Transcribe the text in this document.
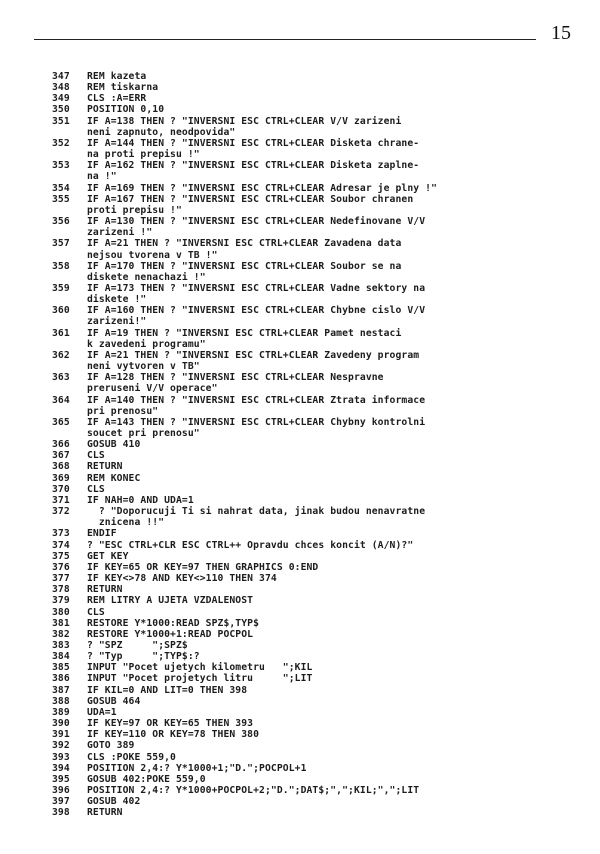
15
347	REM kazeta
348	REM tiskarna
349	CLS :A=ERR
350	POSITION 0,10
351	IF A=138 THEN ? "INVERSNI ESC CTRL+CLEAR V/V zarizeni
neni zapnuto, neodpovida"
352	IF A=144 THEN ? "INVERSNI ESC CTRL+CLEAR Disketa chrane-
na proti prepisu !"
353	IF A=162 THEN ? "INVERSNI ESC CTRL+CLEAR Disketa zaplne-
na !"
354	IF A=169 THEN ? "INVERSNI ESC CTRL+CLEAR Adresar je plny !"
355	IF A=167 THEN ? "INVERSNI ESC CTRL+CLEAR Soubor chranen
proti prepisu !"
356	IF A=130 THEN ? "INVERSNI ESC CTRL+CLEAR Nedefinovane V/V
zarizeni !"
357	IF A=21 THEN ? "INVERSNI ESC CTRL+CLEAR Zavadena data
nejsou tvorena v TB !"
358	IF A=170 THEN ? "INVERSNI ESC CTRL+CLEAR Soubor se na
diskete nenachazi !"
359	IF A=173 THEN ? "INVERSNI ESC CTRL+CLEAR Vadne sektory na
diskete !"
360	IF A=160 THEN ? "INVERSNI ESC CTRL+CLEAR Chybne cislo V/V
zarizeni!"
361	IF A=19 THEN ? "INVERSNI ESC CTRL+CLEAR Pamet nestaci
k zavedeni programu"
362	IF A=21 THEN ? "INVERSNI ESC CTRL+CLEAR Zavedeny program
neni vytvoren v TB"
363	IF A=128 THEN ? "INVERSNI ESC CTRL+CLEAR Nespravne
preruseni V/V operace"
364	IF A=140 THEN ? "INVERSNI ESC CTRL+CLEAR Ztrata informace
pri prenosu"
365	IF A=143 THEN ? "INVERSNI ESC CTRL+CLEAR Chybny kontrolni
soucet pri prenosu"
366	GOSUB 410
367	CLS
368	RETURN
369	REM KONEC
370	CLS
371	IF NAH=0 AND UDA=1
372	? "Doporucuji Ti si nahrat data, jinak budou nenavratne
znicena !!"
373	ENDIF
374	? "ESC CTRL+CLR ESC CTRL++ Opravdu chces koncit (A/N)?"
375	GET KEY
376	IF KEY=65 OR KEY=97 THEN GRAPHICS 0:END
377	IF KEY<>78 AND KEY<>110 THEN 374
378	RETURN
379	REM LITRY A UJETA VZDALENOST
380	CLS
381	RESTORE Y*1000:READ SPZ$,TYP$
382	RESTORE Y*1000+1:READ POCPOL
383	? "SPZ     ";SPZ$
384	? "Typ     ";TYP$:?
385	INPUT "Pocet ujetych kilometru   ";KIL
386	INPUT "Pocet projetych litru     ";LIT
387	IF KIL=0 AND LIT=0 THEN 398
388	GOSUB 464
389	UDA=1
390	IF KEY=97 OR KEY=65 THEN 393
391	IF KEY=110 OR KEY=78 THEN 380
392	GOTO 389
393	CLS :POKE 559,0
394	POSITION 2,4:? Y*1000+1;"D.";POCPOL+1
395	GOSUB 402:POKE 559,0
396	POSITION 2,4:? Y*1000+POCPOL+2;"D.";DAT$;",";KIL;",";LIT
397	GOSUB 402
398	RETURN
